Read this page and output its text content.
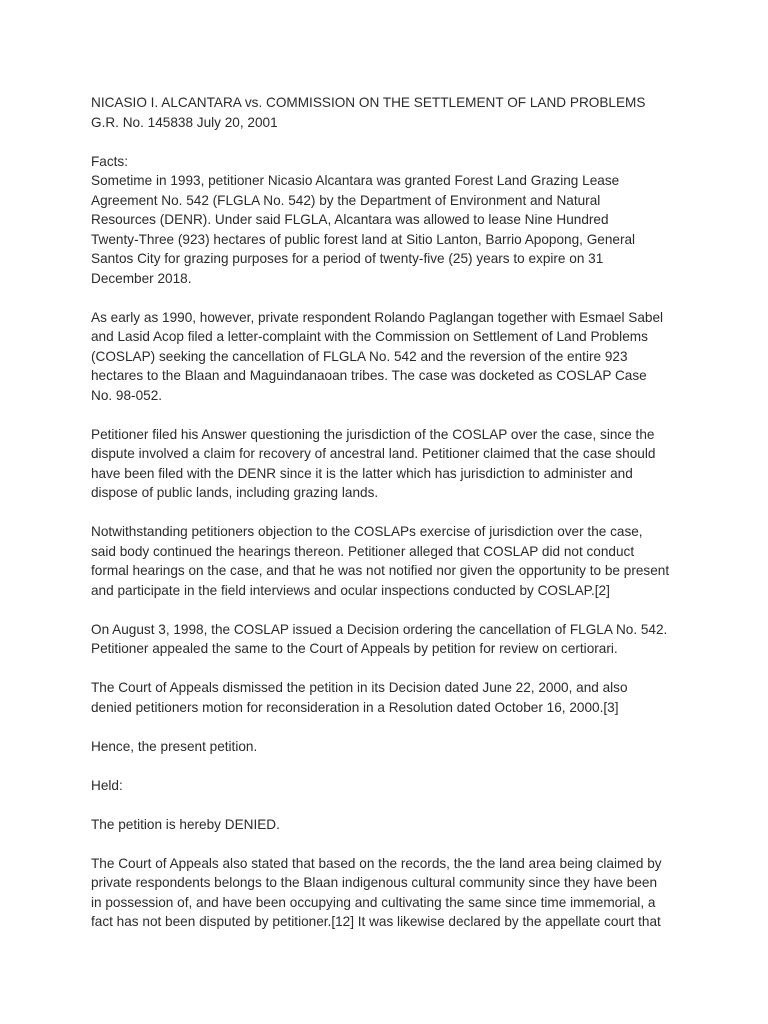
NICASIO I. ALCANTARA vs. COMMISSION ON THE SETTLEMENT OF LAND PROBLEMS
G.R. No. 145838 July 20, 2001
Facts:
Sometime in 1993, petitioner Nicasio Alcantara was granted Forest Land Grazing Lease
Agreement No. 542 (FLGLA No. 542) by the Department of Environment and Natural
Resources (DENR). Under said FLGLA, Alcantara was allowed to lease Nine Hundred
Twenty-Three (923) hectares of public forest land at Sitio Lanton, Barrio Apopong, General
Santos City for grazing purposes for a period of twenty-five (25) years to expire on 31
December 2018.
As early as 1990, however, private respondent Rolando Paglangan together with Esmael Sabel
and Lasid Acop filed a letter-complaint with the Commission on Settlement of Land Problems
(COSLAP) seeking the cancellation of FLGLA No. 542 and the reversion of the entire 923
hectares to the Blaan and Maguindanaoan tribes. The case was docketed as COSLAP Case
No. 98-052.
Petitioner filed his Answer questioning the jurisdiction of the COSLAP over the case, since the
dispute involved a claim for recovery of ancestral land. Petitioner claimed that the case should
have been filed with the DENR since it is the latter which has jurisdiction to administer and
dispose of public lands, including grazing lands.
Notwithstanding petitioners objection to the COSLAPs exercise of jurisdiction over the case,
said body continued the hearings thereon. Petitioner alleged that COSLAP did not conduct
formal hearings on the case, and that he was not notified nor given the opportunity to be present
and participate in the field interviews and ocular inspections conducted by COSLAP.[2]
On August 3, 1998, the COSLAP issued a Decision ordering the cancellation of FLGLA No. 542.
Petitioner appealed the same to the Court of Appeals by petition for review on certiorari.
The Court of Appeals dismissed the petition in its Decision dated June 22, 2000, and also
denied petitioners motion for reconsideration in a Resolution dated October 16, 2000.[3]
Hence, the present petition.
Held:
The petition is hereby DENIED.
The Court of Appeals also stated that based on the records, the the land area being claimed by
private respondents belongs to the Blaan indigenous cultural community since they have been
in possession of, and have been occupying and cultivating the same since time immemorial, a
fact has not been disputed by petitioner.[12] It was likewise declared by the appellate court that
